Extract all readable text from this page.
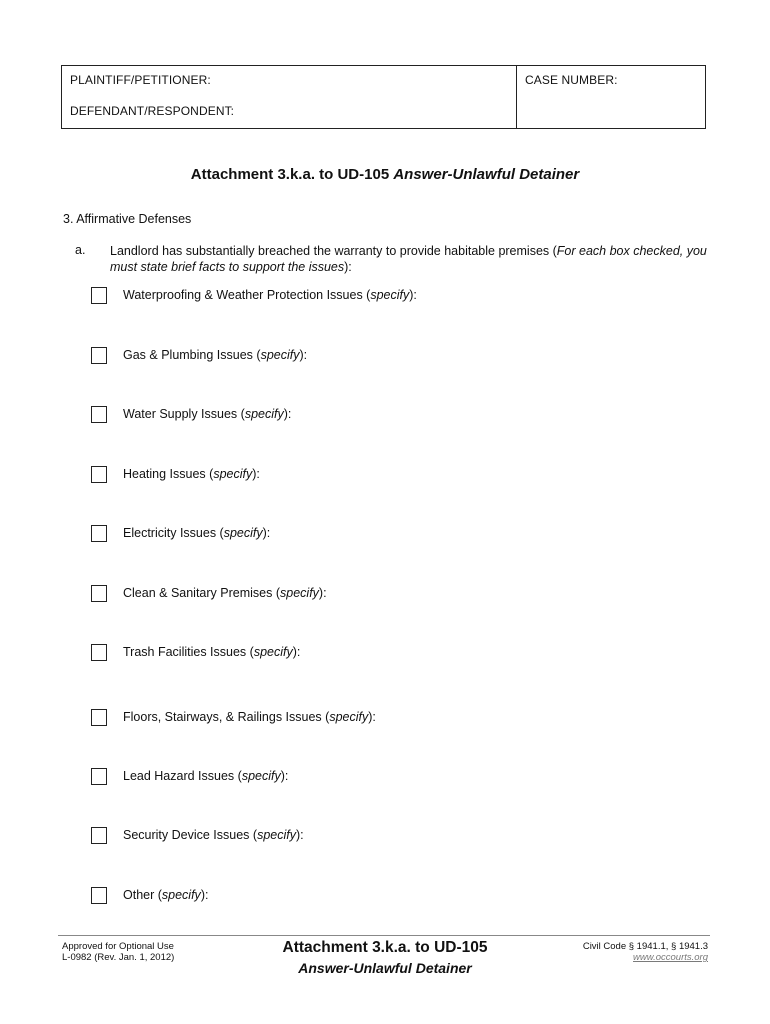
PLAINTIFF/PETITIONER:
DEFENDANT/RESPONDENT:
CASE NUMBER:
Attachment 3.k.a. to UD-105 Answer-Unlawful Detainer
3. Affirmative Defenses
a. Landlord has substantially breached the warranty to provide habitable premises (For each box checked, you must state brief facts to support the issues):
Waterproofing & Weather Protection Issues (specify):
Gas & Plumbing Issues (specify):
Water Supply Issues (specify):
Heating Issues (specify):
Electricity Issues (specify):
Clean & Sanitary Premises (specify):
Trash Facilities Issues (specify):
Floors, Stairways, & Railings Issues (specify):
Lead Hazard Issues (specify):
Security Device Issues (specify):
Other (specify):
Approved for Optional Use
L-0982 (Rev. Jan. 1, 2012)
Attachment 3.k.a. to UD-105
Answer-Unlawful Detainer
Civil Code § 1941.1, § 1941.3
www.occourts.org
